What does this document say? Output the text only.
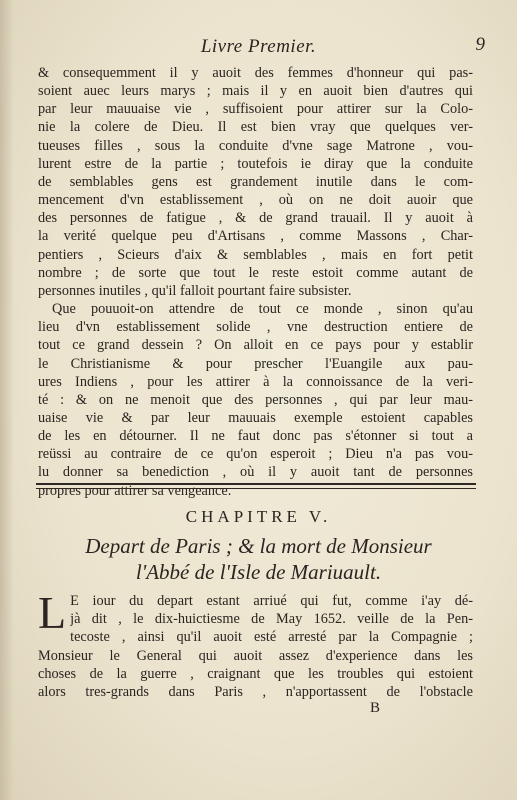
Livre Premier.	9
& consequemment il y auoit des femmes d'honneur qui pas-
soient auec leurs marys ; mais il y en auoit bien d'autres qui
par leur mauuaise vie , suffisoient pour attirer sur la Colo-
nie la colere de Dieu. Il est bien vray que quelques ver-
tueuses filles , sous la conduite d'vne sage Matrone , vou-
lurent estre de la partie ; toutefois ie diray que la conduite
de semblables gens est grandement inutile dans le com-
mencement d'vn establissement , où on ne doit auoir que
des personnes de fatigue , & de grand trauail. Il y auoit à
la verité quelque peu d'Artisans , comme Massons , Char-
pentiers , Scieurs d'aix & semblables , mais en fort petit
nombre ; de sorte que tout le reste estoit comme autant de
personnes inutiles , qu'il falloit pourtant faire subsister.
Que pouuoit-on attendre de tout ce monde , sinon qu'au
lieu d'vn establissement solide , vne destruction entiere de
tout ce grand dessein ? On alloit en ce pays pour y establir
le Christianisme & pour prescher l'Euangile aux pau-
ures Indiens , pour les attirer à la connoissance de la veri-
té : & on ne menoit que des personnes , qui par leur mau-
uaise vie & par leur mauuais exemple estoient capables
de les en détourner. Il ne faut donc pas s'étonner si tout a
reüssi au contraire de ce qu'on esperoit ; Dieu n'a pas vou-
lu donner sa benediction , où il y auoit tant de personnes
propres pour attirer sa vengeance.
CHAPITRE V.
Depart de Paris ; & la mort de Monsieur
l'Abbé de l'Isle de Mariuault.
L E iour du depart estant arriué qui fut, comme i'ay dé-
jà dit , le dix-huictiesme de May 1652. veille de la Pen-
tecoste , ainsi qu'il auoit esté arresté par la Compagnie ;
Monsieur le General qui auoit assez d'experience dans les
choses de la guerre , craignant que les troubles qui estoient
alors tres-grands dans Paris , n'apportassent de l'obstacle
B
